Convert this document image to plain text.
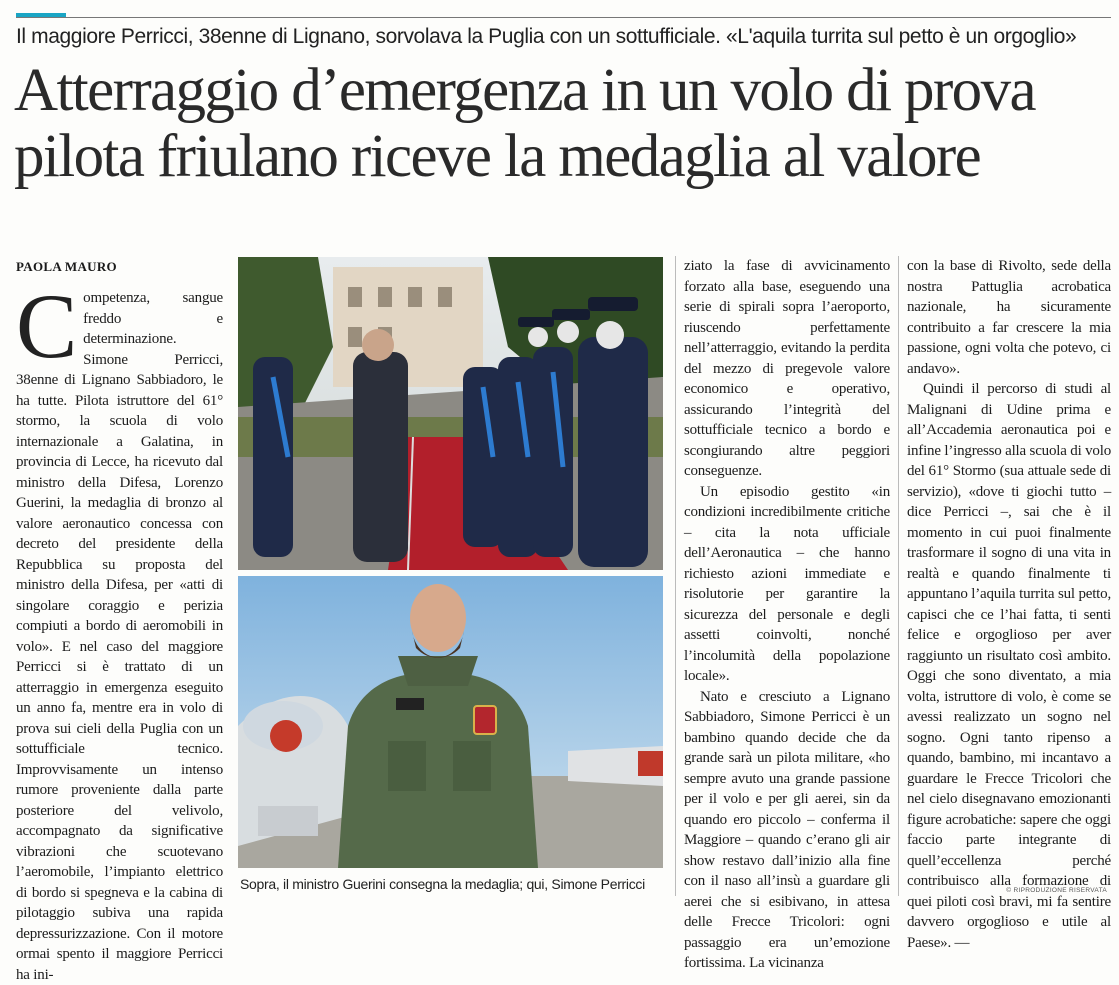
Il maggiore Perricci, 38enne di Lignano, sorvolava la Puglia con un sottufficiale. «L'aquila turrita sul petto è un orgoglio»
Atterraggio d’emergenza in un volo di prova
pilota friulano riceve la medaglia al valore
PAOLA MAURO

Competenza, sangue freddo e determinazione. Simone Perricci, 38enne di Lignano Sabbiadoro, le ha tutte. Pilota istruttore del 61° stormo, la scuola di volo internazionale a Galatina, in provincia di Lecce, ha ricevuto dal ministro della Difesa, Lorenzo Guerini, la medaglia di bronzo al valore aeronautico concessa con decreto del presidente della Repubblica su proposta del ministro della Difesa, per «atti di singolare coraggio e perizia compiuti a bordo di aeromobili in volo». E nel caso del maggiore Perricci si è trattato di un atterraggio in emergenza eseguito un anno fa, mentre era in volo di prova sui cieli della Puglia con un sottufficiale tecnico. Improvvisamente un intenso rumore proveniente dalla parte posteriore del velivolo, accompagnato da significative vibrazioni che scuotevano l’aeromobile, l’impianto elettrico di bordo si spegneva e la cabina di pilotaggio subiva una rapida depressurizzazione. Con il motore ormai spento il maggiore Perricci ha ini-

Sopra, il ministro Guerini consegna la medaglia; qui, Simone Perricci

ziato la fase di avvicinamento forzato alla base, eseguendo una serie di spirali sopra l’aeroporto, riuscendo perfettamente nell’atterraggio, evitando la perdita del mezzo di pregevole valore economico e operativo, assicurando l’integrità del sottufficiale tecnico a bordo e scongiurando altre peggiori conseguenze.

Un episodio gestito «in condizioni incredibilmente critiche – cita la nota ufficiale dell’Aeronautica – che hanno richiesto azioni immediate e risolutorie per garantire la sicurezza del personale e degli assetti coinvolti, nonché l’incolumità della popolazione locale».

Nato e cresciuto a Lignano Sabbiadoro, Simone Perricci è un bambino quando decide che da grande sarà un pilota militare, «ho sempre avuto una grande passione per il volo e per gli aerei, sin da quando ero piccolo – conferma il Maggiore – quando c’erano gli air show restavo dall’inizio alla fine con il naso all’insù a guardare gli aerei che si esibivano, in attesa delle Frecce Tricolori: ogni passaggio era un’emozione fortissima. La vicinanza

con la base di Rivolto, sede della nostra Pattuglia acrobatica nazionale, ha sicuramente contribuito a far crescere la mia passione, ogni volta che potevo, ci andavo».

Quindi il percorso di studi al Malignani di Udine prima e all’Accademia aeronautica poi e infine l’ingresso alla scuola di volo del 61° Stormo (sua attuale sede di servizio), «dove ti giochi tutto – dice Perricci –, sai che è il momento in cui puoi finalmente trasformare il sogno di una vita in realtà e quando finalmente ti appuntano l’aquila turrita sul petto, capisci che ce l’hai fatta, ti senti felice e orgoglioso per aver raggiunto un risultato così ambito. Oggi che sono diventato, a mia volta, istruttore di volo, è come se avessi realizzato un sogno nel sogno. Ogni tanto ripenso a quando, bambino, mi incantavo a guardare le Frecce Tricolori che nel cielo disegnavano emozionanti figure acrobatiche: sapere che oggi faccio parte integrante di quell’eccellenza perché contribuisco alla formazione di quei piloti così bravi, mi fa sentire davvero orgoglioso e utile al Paese». —

© RIPRODUZIONE RISERVATA
